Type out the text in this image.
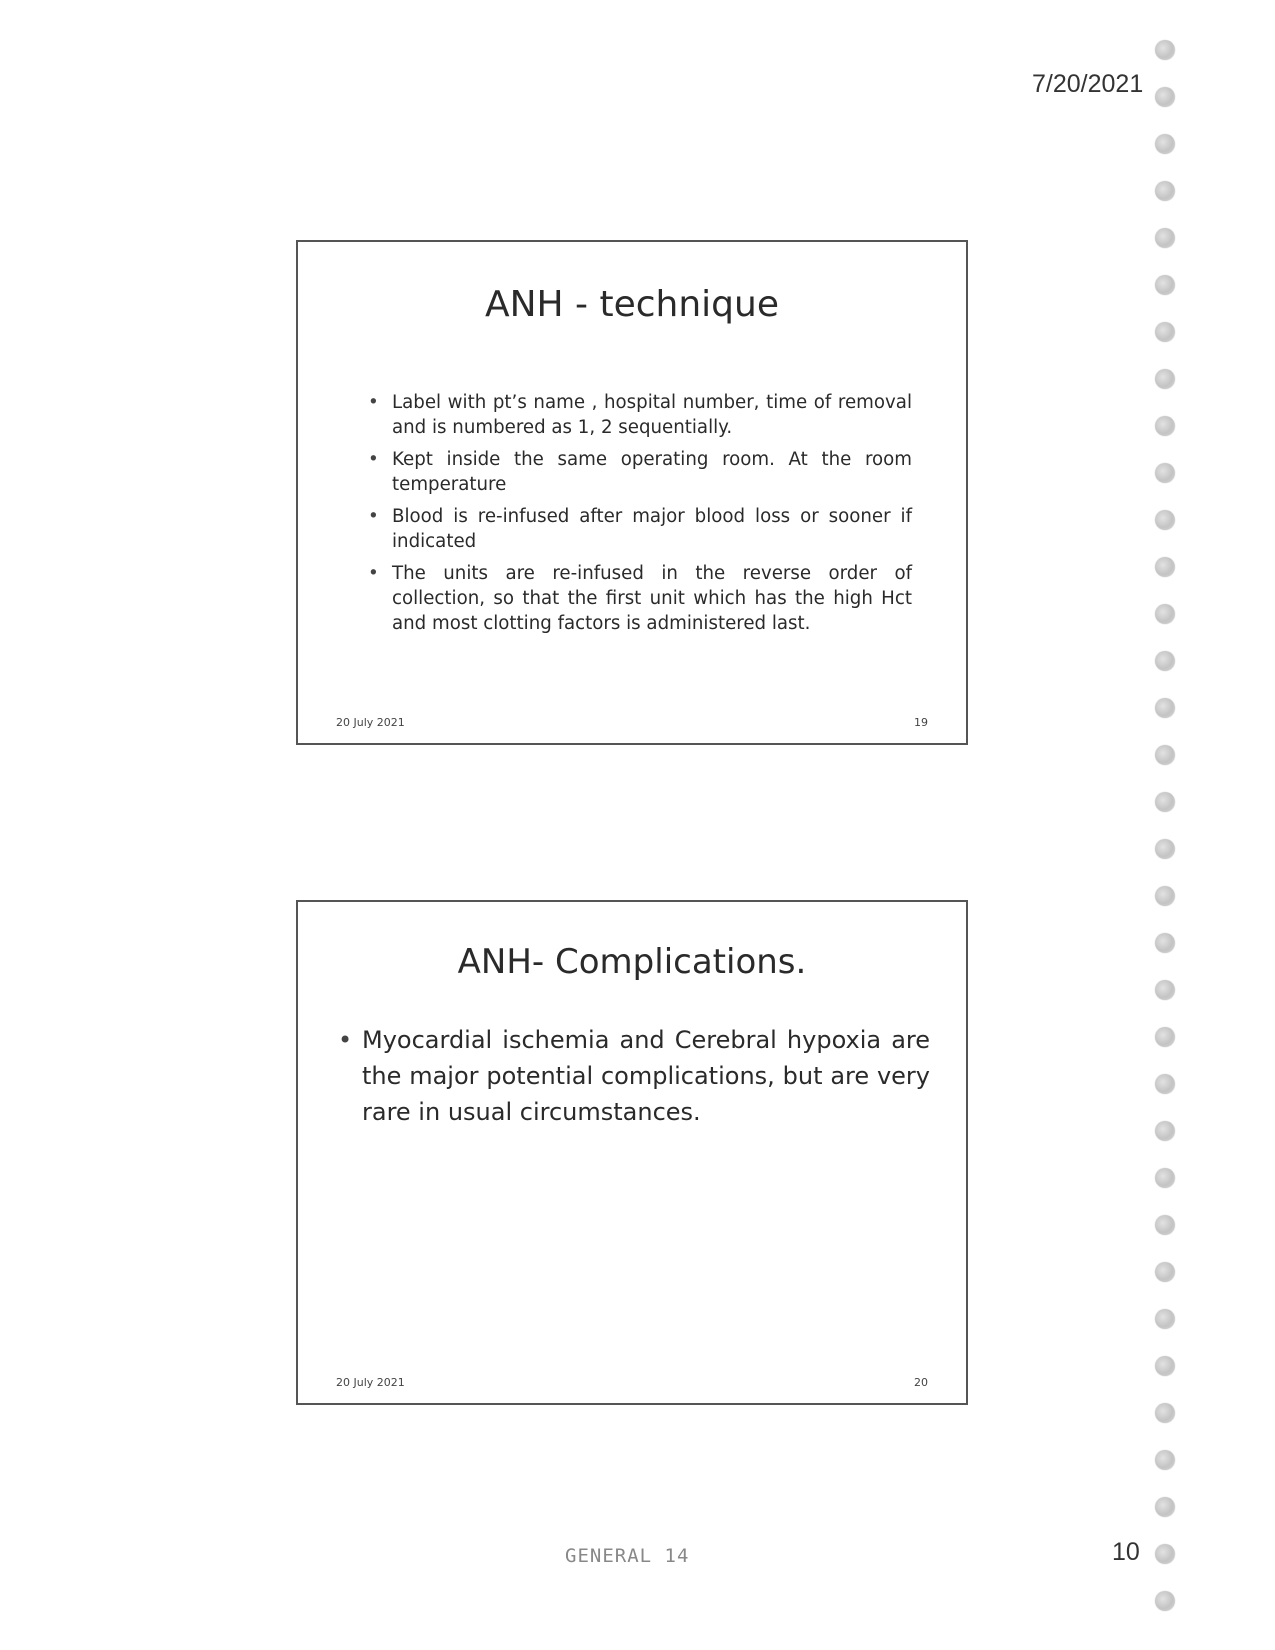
7/20/2021
ANH - technique
• Label with pt’s name , hospital number, time of removal and is numbered as 1, 2 sequentially.
• Kept inside the same operating room. At the room temperature
• Blood is re-infused after major blood loss or sooner if indicated
• The units are re-infused in the reverse order of collection, so that the first unit which has the high Hct and most clotting factors is administered last.
20 July 2021	19
ANH- Complications.
• Myocardial ischemia and Cerebral hypoxia are the major potential complications, but are very rare in usual circumstances.
20 July 2021	20
GENERAL 14	10
